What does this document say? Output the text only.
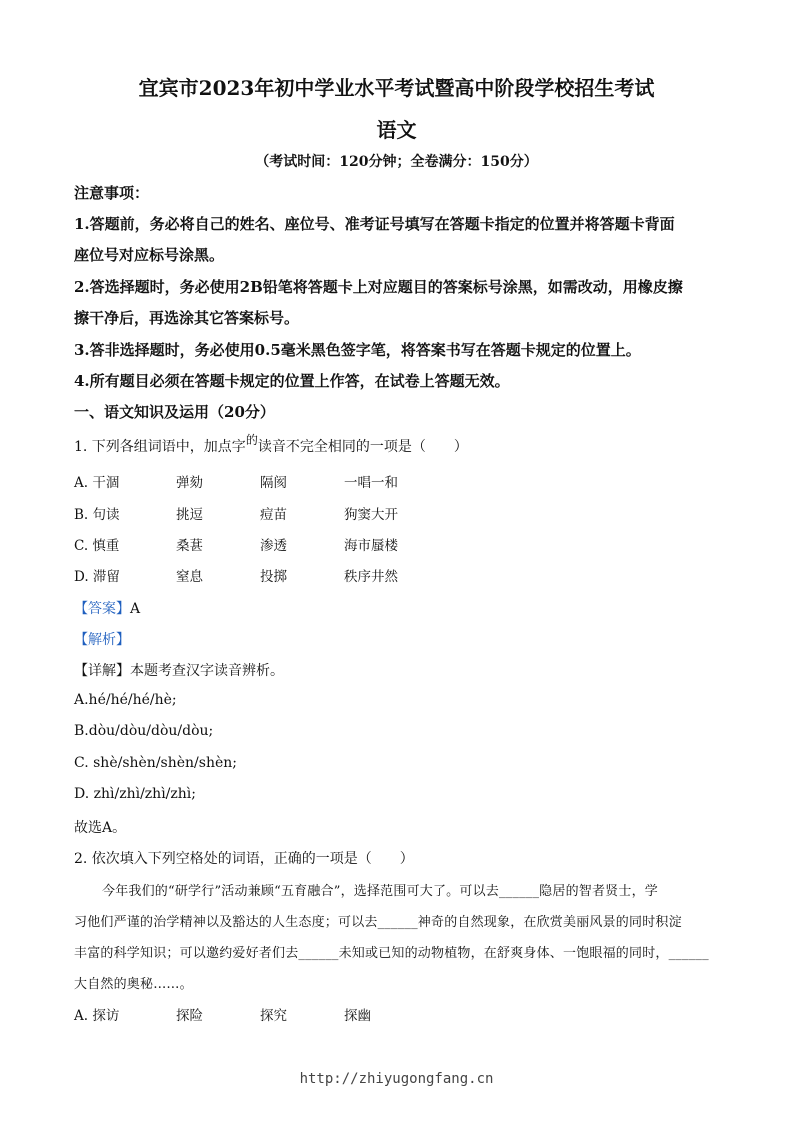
宜宾市2023年初中学业水平考试暨高中阶段学校招生考试
语文
（考试时间：120分钟；全卷满分：150分）
注意事项：
1.答题前，务必将自己的姓名、座位号、准考证号填写在答题卡指定的位置并将答题卡背面
座位号对应标号涂黑。
2.答选择题时，务必使用2B铅笔将答题卡上对应题目的答案标号涂黑，如需改动，用橡皮擦
擦干净后，再选涂其它答案标号。
3.答非选择题时，务必使用0.5毫米黑色签字笔，将答案书写在答题卡规定的位置上。
4.所有题目必须在答题卡规定的位置上作答，在试卷上答题无效。
一、语文知识及运用（20分）
1. 下列各组词语中，加点字的读音不完全相同的一项是（　　）
A. 干涸	弹劾	隔阂	一唱一和
B. 句读	挑逗	痘苗	狗窦大开
C. 慎重	桑葚	渗透	海市蜃楼
D. 滞留	窒息	投掷	秩序井然
【答案】A
【解析】
【详解】本题考查汉字读音辨析。
A.hé/hé/hé/hè;
B.dòu/dòu/dòu/dòu;
C. shè/shèn/shèn/shèn;
D. zhì/zhì/zhì/zhì;
故选A。
2. 依次填入下列空格处的词语，正确的一项是（　　）
今年我们的“研学行”活动兼顾“五育融合”，选择范围可大了。可以去______隐居的智者贤士，学
习他们严谨的治学精神以及豁达的人生态度；可以去______神奇的自然现象，在欣赏美丽风景的同时积淀
丰富的科学知识；可以邀约爱好者们去______未知或已知的动物植物，在舒爽身体、一饱眼福的同时，______
大自然的奥秘……。
A. 探访	探险	探究	探幽
http://zhiyugongfang.cn
